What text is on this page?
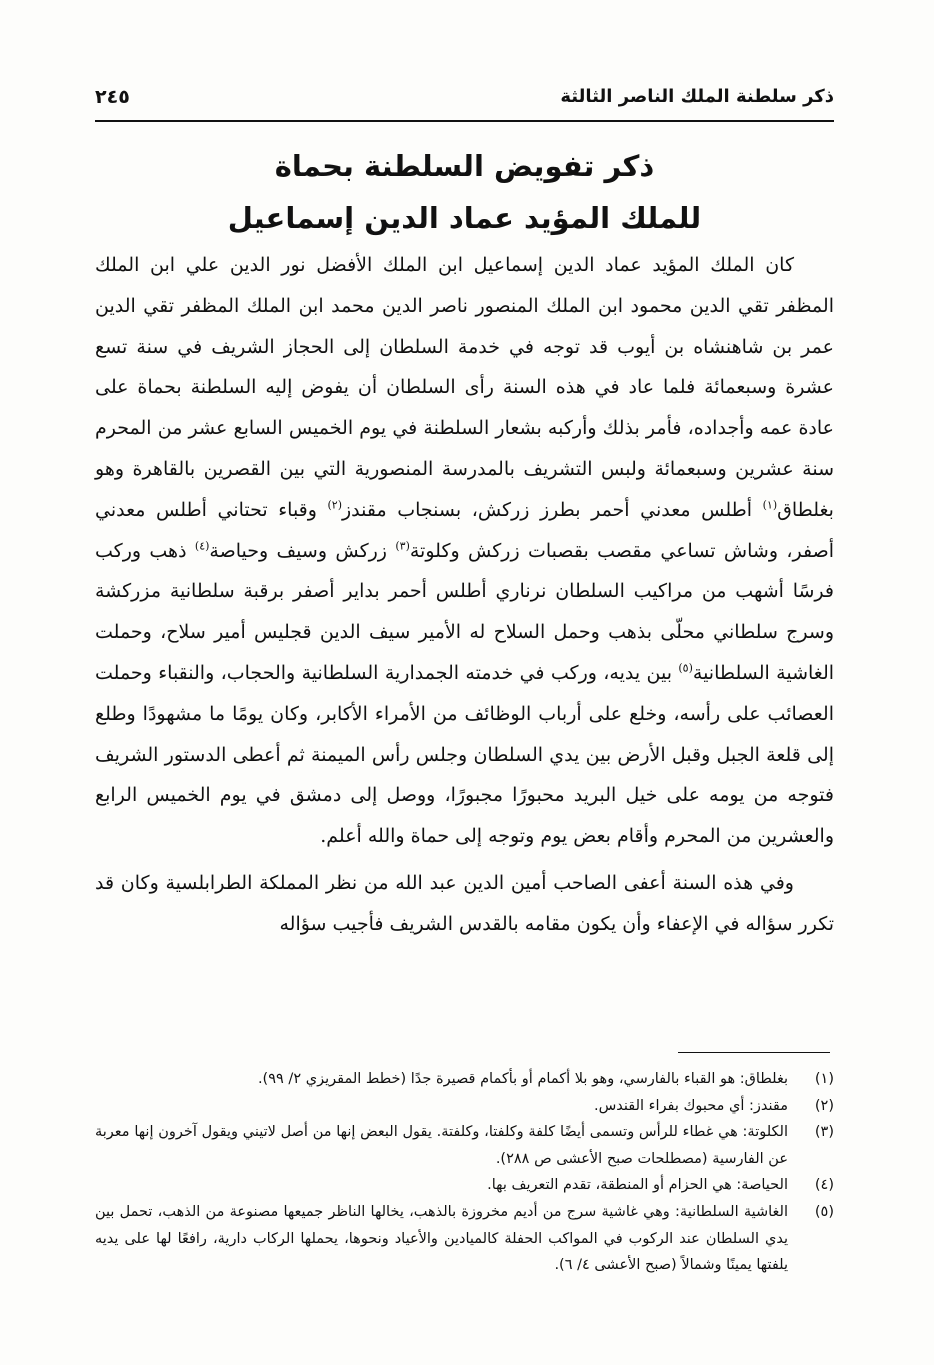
ذكر سلطنة الملك الناصر الثالثة
٢٤٥
ذكر تفويض السلطنة بحماة
للملك المؤيد عماد الدين إسماعيل

كان الملك المؤيد عماد الدين إسماعيل ابن الملك الأفضل نور الدين علي ابن الملك المظفر تقي الدين محمود ابن الملك المنصور ناصر الدين محمد ابن الملك المظفر تقي الدين عمر بن شاهنشاه بن أيوب قد توجه في خدمة السلطان إلى الحجاز الشريف في سنة تسع عشرة وسبعمائة فلما عاد في هذه السنة رأى السلطان أن يفوض إليه السلطنة بحماة على عادة عمه وأجداده، فأمر بذلك وأركبه بشعار السلطنة في يوم الخميس السابع عشر من المحرم سنة عشرين وسبعمائة ولبس التشريف بالمدرسة المنصورية التي بين القصرين بالقاهرة وهو بغلطاق$^{(١)}$ أطلس معدني أحمر بطرز زركش، بسنجاب مقندز$^{(٢)}$ وقباء تحتاني أطلس معدني أصفر، وشاش تساعي مقصب بقصبات زركش وكلوتة$^{(٣)}$ زركش وسيف وحياصة$^{(٤)}$ ذهب وركب فرسًا أشهب من مراكيب السلطان نرناري أطلس أحمر بداير أصفر برقبة سلطانية مزركشة وسرج سلطاني محلّى بذهب وحمل السلاح له الأمير سيف الدين قجليس أمير سلاح، وحملت الغاشية السلطانية$^{(٥)}$ بين يديه، وركب في خدمته الجمدارية السلطانية والحجاب، والنقباء وحملت العصائب على رأسه، وخلع على أرباب الوظائف من الأمراء الأكابر، وكان يومًا ما مشهودًا وطلع إلى قلعة الجبل وقبل الأرض بين يدي السلطان وجلس رأس الميمنة ثم أعطى الدستور الشريف فتوجه من يومه على خيل البريد محبورًا مجبورًا، ووصل إلى دمشق في يوم الخميس الرابع والعشرين من المحرم وأقام بعض يوم وتوجه إلى حماة والله أعلم.

وفي هذه السنة أعفى الصاحب أمين الدين عبد الله من نظر المملكة الطرابلسية وكان قد تكرر سؤاله في الإعفاء وأن يكون مقامه بالقدس الشريف فأجيب سؤاله

(١)
بغلطاق: هو القباء بالفارسي، وهو بلا أكمام أو بأكمام قصيرة جدًا (خطط المقريزي ٢/ ٩٩).
(٢)
مقندز: أي محبوك بفراء القندس.
(٣)
الكلوتة: هي غطاء للرأس وتسمى أيضًا كلفة وكلفتا، وكلفتة. يقول البعض إنها من أصل لاتيني ويقول آخرون إنها معربة عن الفارسية (مصطلحات صبح الأعشى ص ٢٨٨).
(٤)
الحياصة: هي الحزام أو المنطقة، تقدم التعريف بها.
(٥)
الغاشية السلطانية: وهي غاشية سرج من أديم مخروزة بالذهب، يخالها الناظر جميعها مصنوعة من الذهب، تحمل بين يدي السلطان عند الركوب في المواكب الحفلة كالميادين والأعياد ونحوها، يحملها الركاب دارية، رافعًا لها على يديه يلفتها يمينًا وشمالاً (صبح الأعشى ٤/ ٦).
